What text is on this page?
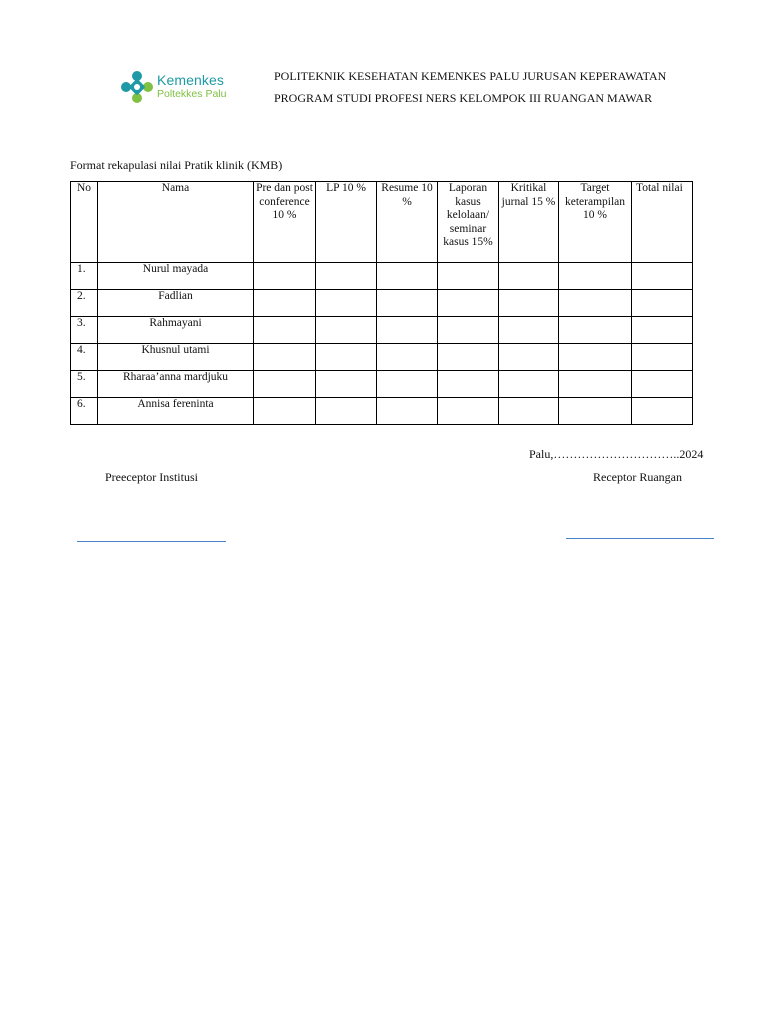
Kemenkes
Poltekkes Palu
POLITEKNIK KESEHATAN KEMENKES PALU JURUSAN KEPERAWATAN
PROGRAM STUDI PROFESI NERS KELOMPOK III RUANGAN MAWAR
Format rekapulasi nilai Pratik klinik (KMB)
No	Nama	Pre dan post conference 10 %	LP 10 %	Resume 10 %	Laporan kasus kelolaan/ seminar kasus 15%	Kritikal jurnal 15 %	Target keterampilan 10 %	Total nilai
1.	Nurul mayada							
2.	Fadlian							
3.	Rahmayani							
4.	Khusnul utami							
5.	Rharaa’anna mardjuku							
6.	Annisa fereninta							
Palu,…………………………..2024
Preeceptor Institusi	Receptor Ruangan
